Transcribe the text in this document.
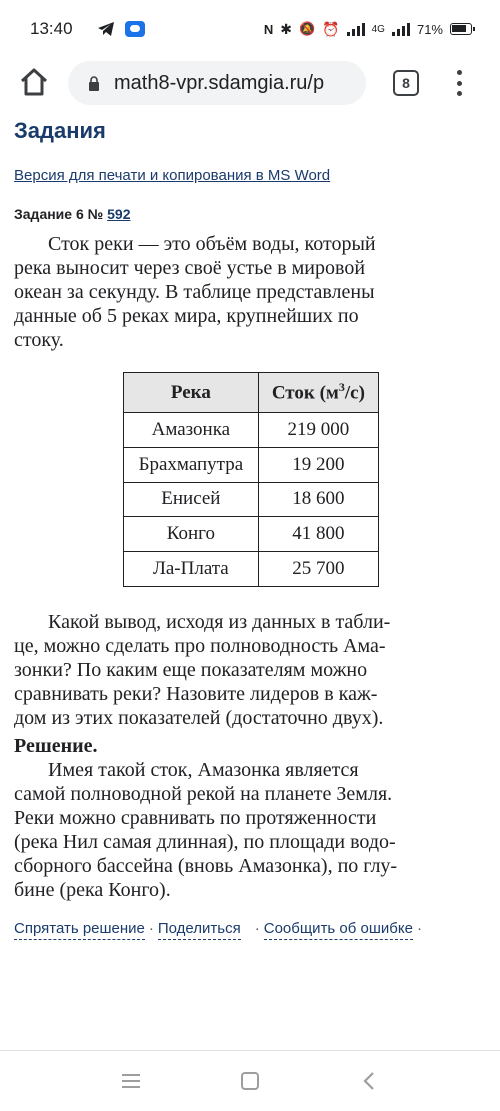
13:40	N ✱ 🔕 ⏰	4G 71%
math8-vpr.sdamgia.ru/p	8
Задания
Версия для печати и копирования в MS Word
Задание 6 № 592
Сток реки — это объём воды, который
река выносит через своё устье в мировой
океан за секунду. В таблице представлены
данные об 5 реках мира, крупнейших по
стоку.
Река	Сток $(м^3/с)$
Амазонка	219 000
Брахмапутра	19 200
Енисей	18 600
Конго	41 800
Ла-Плата	25 700
Какой вывод, исходя из данных в табли-
це, можно сделать про полноводность Ама-
зонки? По каким еще показателям можно
сравнивать реки? Назовите лидеров в каж-
дом из этих показателей (достаточно двух).
Решение.
Имея такой сток, Амазонка является
самой полноводной рекой на планете Земля.
Реки можно сравнивать по протяженности
(река Нил самая длинная), по площади водо-
сборного бассейна (вновь Амазонка), по глу-
бине (река Конго).
Спрятать решение · Поделиться · Сообщить об ошибке ·
